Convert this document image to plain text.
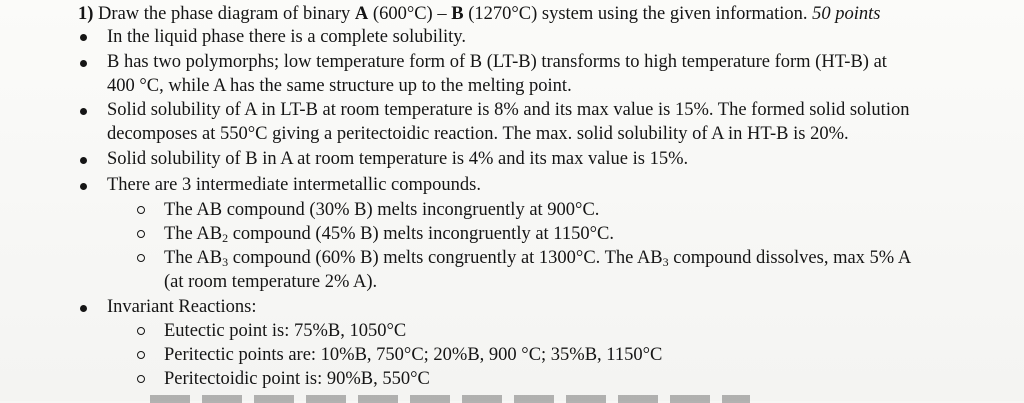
1) Draw the phase diagram of binary A (600°C) – B (1270°C) system using the given information. 50 points
In the liquid phase there is a complete solubility.
B has two polymorphs; low temperature form of B (LT-B) transforms to high temperature form (HT-B) at
400 °C, while A has the same structure up to the melting point.
Solid solubility of A in LT-B at room temperature is 8% and its max value is 15%. The formed solid solution
decomposes at 550°C giving a peritectoidic reaction. The max. solid solubility of A in HT-B is 20%.
Solid solubility of B in A at room temperature is 4% and its max value is 15%.
There are 3 intermediate intermetallic compounds.
The AB compound (30% B) melts incongruently at 900°C.
The $AB_2$ compound (45% B) melts incongruently at 1150°C.
The $AB_3$ compound (60% B) melts congruently at 1300°C. The $AB_3$ compound dissolves, max 5% A
(at room temperature 2% A).
Invariant Reactions:
Eutectic point is: 75%B, 1050°C
Peritectic points are: 10%B, 750°C; 20%B, 900 °C; 35%B, 1150°C
Peritectoidic point is: 90%B, 550°C
